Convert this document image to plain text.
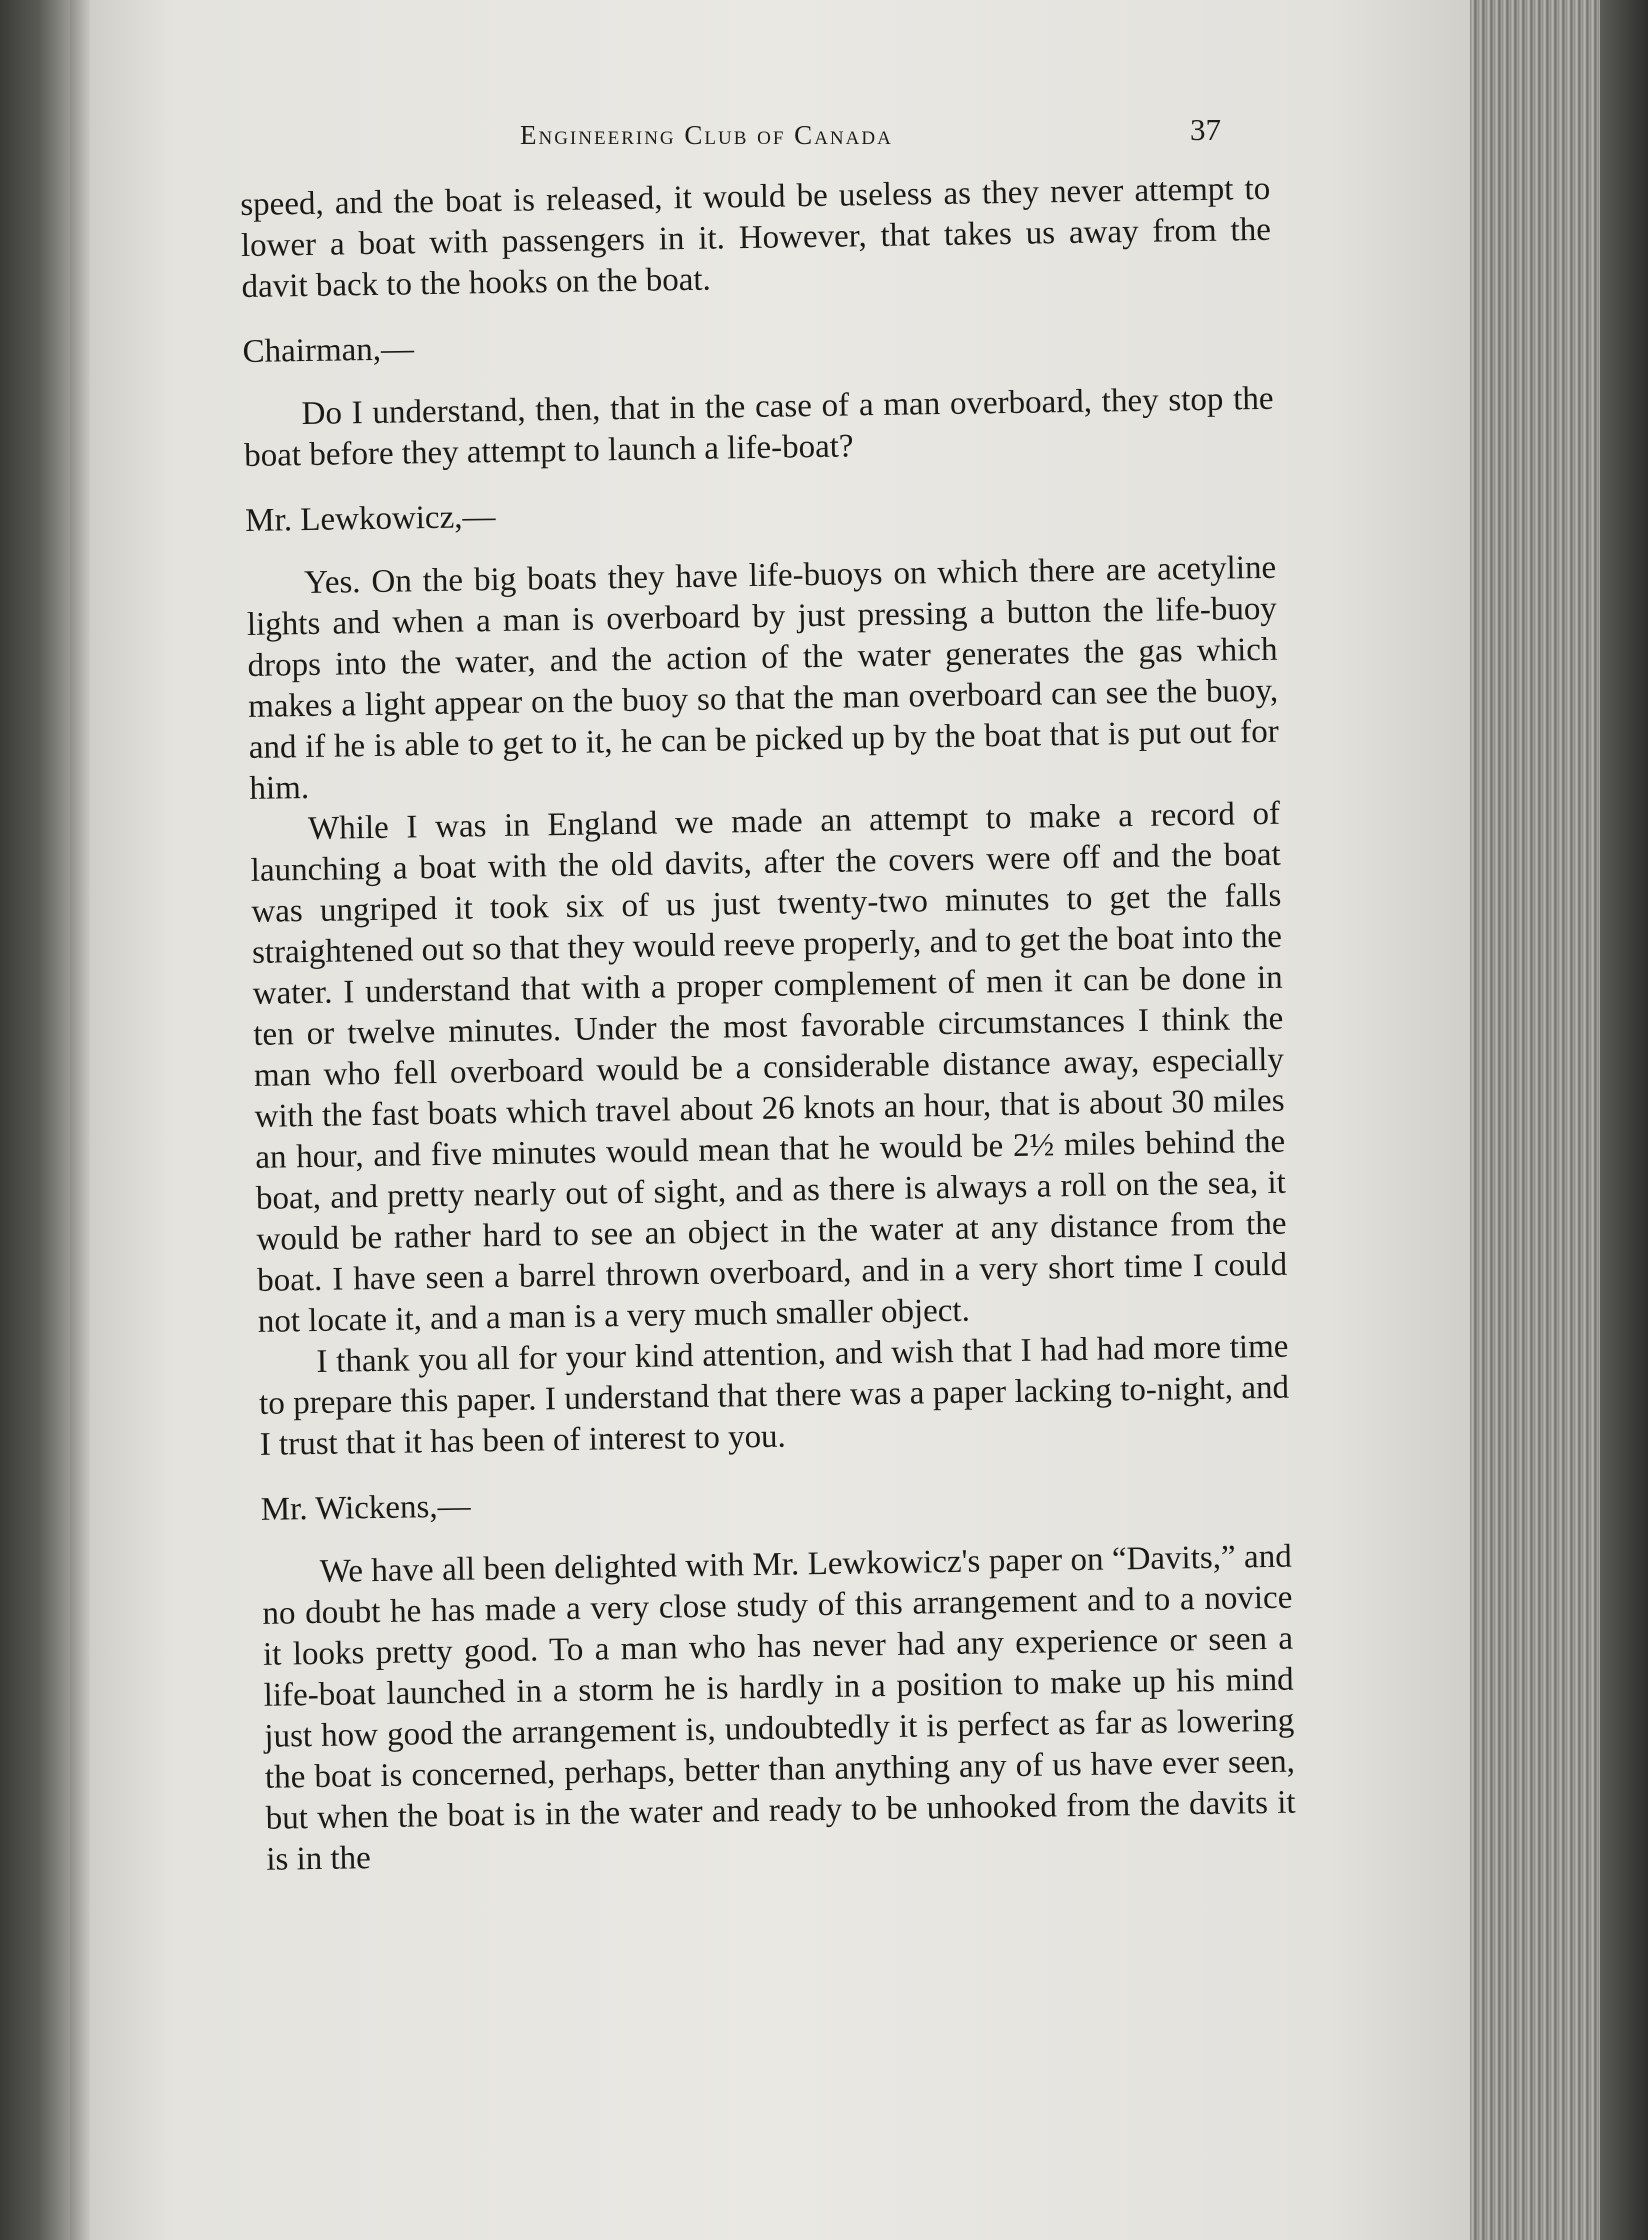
Engineering Club of Canada	37

speed, and the boat is released, it would be useless as they never attempt to lower a boat with passengers in it. However, that takes us away from the davit back to the hooks on the boat.

Chairman,—

Do I understand, then, that in the case of a man overboard, they stop the boat before they attempt to launch a life-boat?

Mr. Lewkowicz,—

Yes. On the big boats they have life-buoys on which there are acetyline lights and when a man is overboard by just pressing a button the life-buoy drops into the water, and the action of the water generates the gas which makes a light appear on the buoy so that the man overboard can see the buoy, and if he is able to get to it, he can be picked up by the boat that is put out for him.

While I was in England we made an attempt to make a record of launching a boat with the old davits, after the covers were off and the boat was ungriped it took six of us just twenty-two minutes to get the falls straightened out so that they would reeve properly, and to get the boat into the water. I understand that with a proper complement of men it can be done in ten or twelve minutes. Under the most favorable circumstances I think the man who fell overboard would be a considerable distance away, especially with the fast boats which travel about 26 knots an hour, that is about 30 miles an hour, and five minutes would mean that he would be 2½ miles behind the boat, and pretty nearly out of sight, and as there is always a roll on the sea, it would be rather hard to see an object in the water at any distance from the boat. I have seen a barrel thrown overboard, and in a very short time I could not locate it, and a man is a very much smaller object.

I thank you all for your kind attention, and wish that I had had more time to prepare this paper. I understand that there was a paper lacking to-night, and I trust that it has been of interest to you.

Mr. Wickens,—

We have all been delighted with Mr. Lewkowicz's paper on “Davits,” and no doubt he has made a very close study of this arrangement and to a novice it looks pretty good. To a man who has never had any experience or seen a life-boat launched in a storm he is hardly in a position to make up his mind just how good the arrangement is, undoubtedly it is perfect as far as lowering the boat is concerned, perhaps, better than anything any of us have ever seen, but when the boat is in the water and ready to be unhooked from the davits it is in the
